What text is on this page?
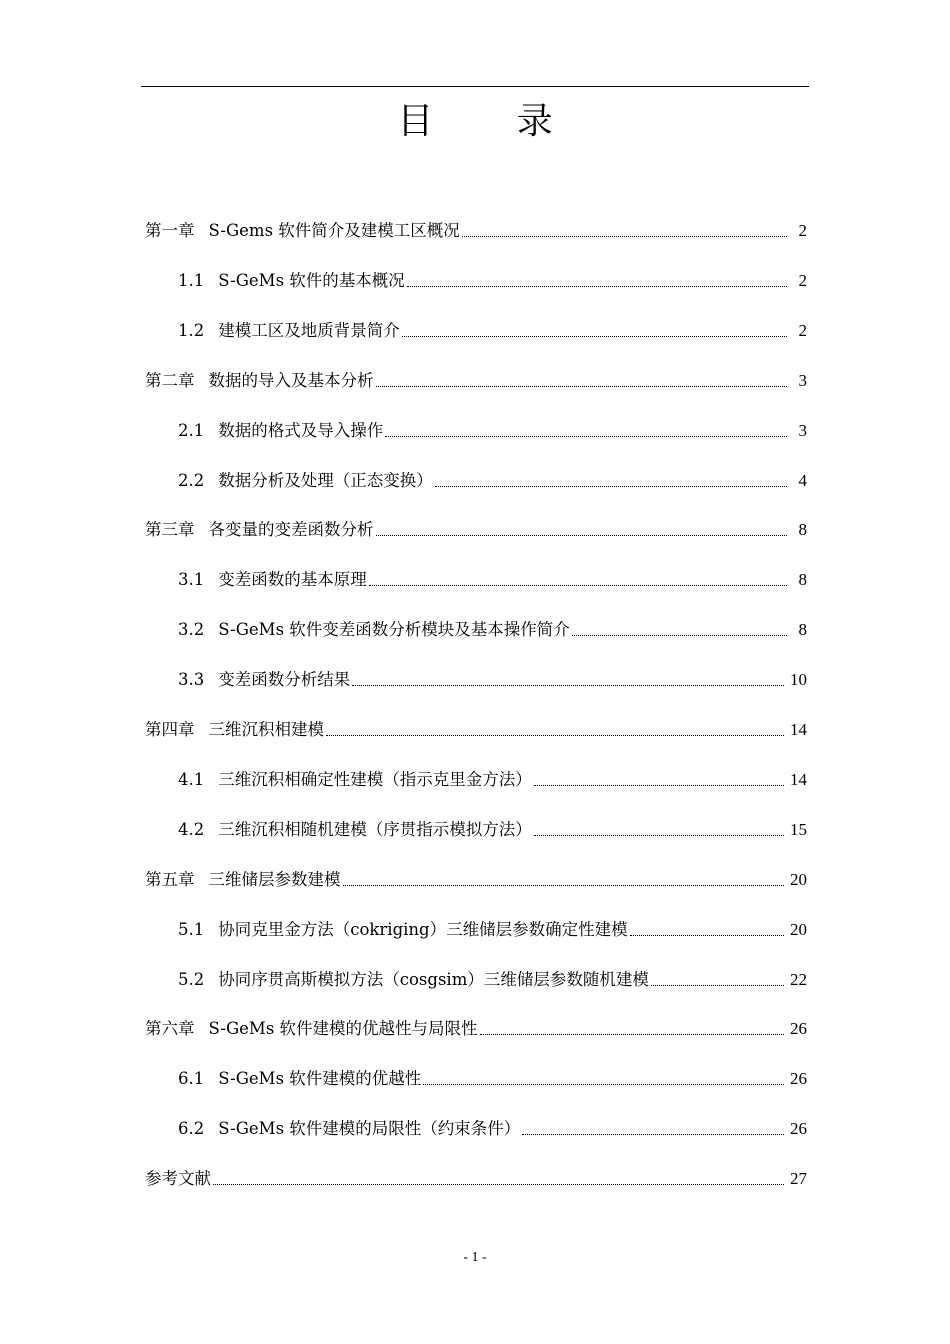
目 录
第一章 S-Gems 软件简介及建模工区概况	2
1.1 S-GeMs 软件的基本概况	2
1.2 建模工区及地质背景简介	2
第二章 数据的导入及基本分析	3
2.1 数据的格式及导入操作	3
2.2 数据分析及处理（正态变换）	4
第三章 各变量的变差函数分析	8
3.1 变差函数的基本原理	8
3.2 S-GeMs 软件变差函数分析模块及基本操作简介	8
3.3 变差函数分析结果	10
第四章 三维沉积相建模	14
4.1 三维沉积相确定性建模（指示克里金方法）	14
4.2 三维沉积相随机建模（序贯指示模拟方法）	15
第五章 三维储层参数建模	20
5.1 协同克里金方法（cokriging）三维储层参数确定性建模	20
5.2 协同序贯高斯模拟方法（cosgsim）三维储层参数随机建模	22
第六章 S-GeMs 软件建模的优越性与局限性	26
6.1 S-GeMs 软件建模的优越性	26
6.2 S-GeMs 软件建模的局限性（约束条件）	26
参考文献	27
- 1 -
